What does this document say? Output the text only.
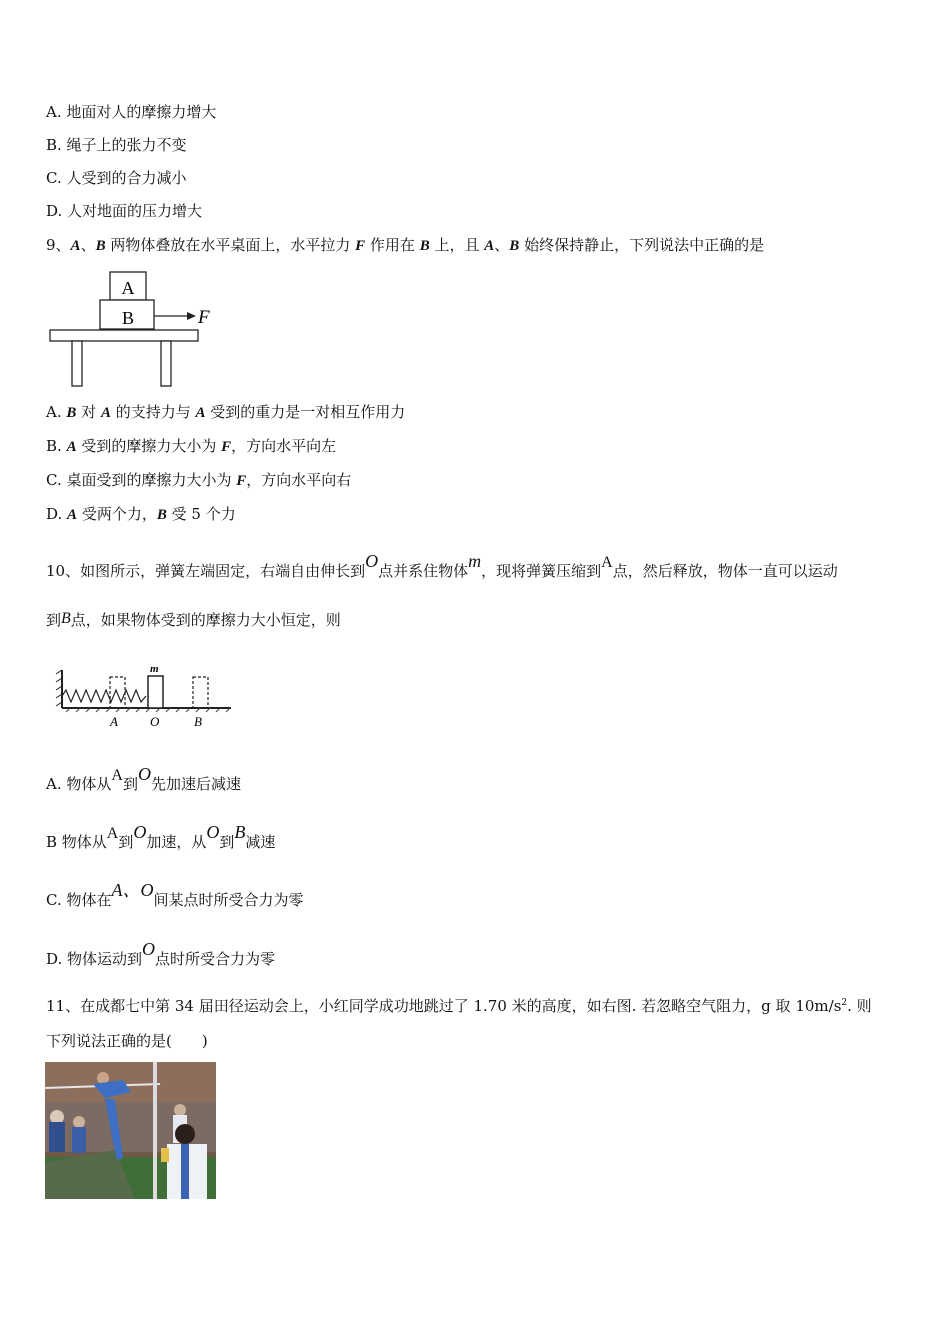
A. 地面对人的摩擦力增大
B. 绳子上的张力不变
C. 人受到的合力减小
D. 人对地面的压力增大
9、A、B 两物体叠放在水平桌面上，水平拉力 F 作用在 B 上，且 A、B 始终保持静止，下列说法中正确的是
A
B	F
A. B 对 A 的支持力与 A 受到的重力是一对相互作用力
B. A 受到的摩擦力大小为 F，方向水平向左
C. 桌面受到的摩擦力大小为 F，方向水平向右
D. A 受两个力，B 受 5 个力
10、如图所示，弹簧左端固定，右端自由伸长到O点并系住物体m，现将弹簧压缩到A点，然后释放，物体一直可以运动
到B点，如果物体受到的摩擦力大小恒定，则
m
A O	B
A. 物体从A到O先加速后减速
B 物体从A到O加速，从O到B减速
C. 物体在A、O间某点时所受合力为零
D. 物体运动到O点时所受合力为零
11、在成都七中第 34 届田径运动会上，小红同学成功地跳过了 1.70 米的高度，如右图. 若忽略空气阻力，g 取 $10m/s^2$. 则
下列说法正确的是(　　)
